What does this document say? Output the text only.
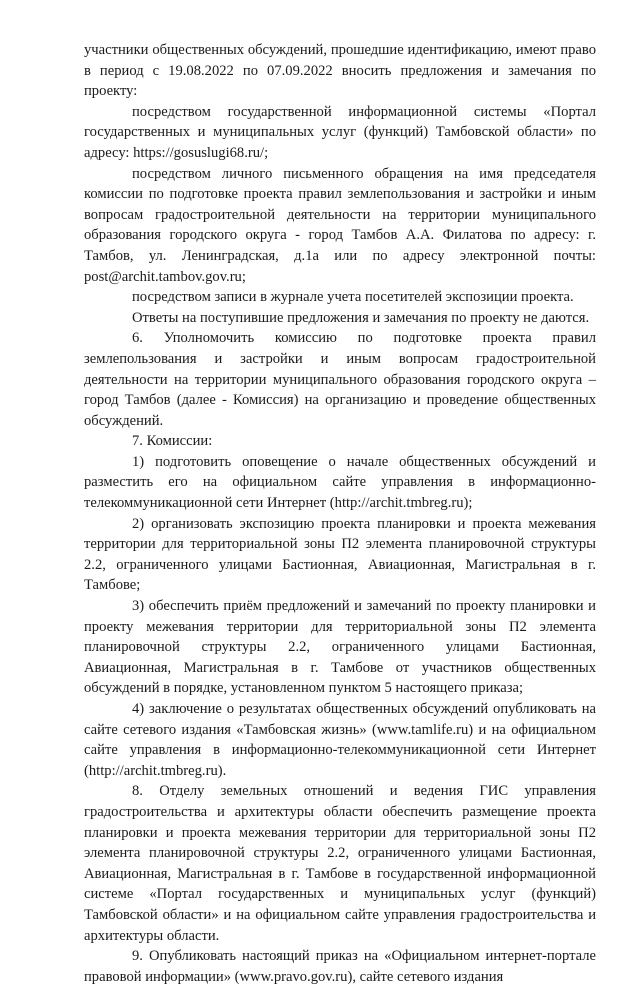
участники общественных обсуждений, прошедшие идентификацию, имеют право в период с 19.08.2022 по 07.09.2022 вносить предложения и замечания по проекту:

посредством государственной информационной системы «Портал государственных и муниципальных услуг (функций) Тамбовской области» по адресу: https://gosuslugi68.ru/;

посредством личного письменного обращения на имя председателя комиссии по подготовке проекта правил землепользования и застройки и иным вопросам градостроительной деятельности на территории муниципального образования городского округа - город Тамбов А.А. Филатова по адресу: г. Тамбов, ул. Ленинградская, д.1а или по адресу электронной почты: post@archit.tambov.gov.ru;

посредством записи в журнале учета посетителей экспозиции проекта.

Ответы на поступившие предложения и замечания по проекту не даются.

6. Уполномочить комиссию по подготовке проекта правил землепользования и застройки и иным вопросам градостроительной деятельности на территории муниципального образования городского округа – город Тамбов (далее - Комиссия) на организацию и проведение общественных обсуждений.

7. Комиссии:

1) подготовить оповещение о начале общественных обсуждений и разместить его на официальном сайте управления в информационно-телекоммуникационной сети Интернет (http://archit.tmbreg.ru);

2) организовать экспозицию проекта планировки и проекта межевания территории для территориальной зоны П2 элемента планировочной структуры 2.2, ограниченного улицами Бастионная, Авиационная, Магистральная в г. Тамбове;

3) обеспечить приём предложений и замечаний по проекту планировки и проекту межевания территории для территориальной зоны П2 элемента планировочной структуры 2.2, ограниченного улицами Бастионная, Авиационная, Магистральная в г. Тамбове от участников общественных обсуждений в порядке, установленном пунктом 5 настоящего приказа;

4) заключение о результатах общественных обсуждений опубликовать на сайте сетевого издания «Тамбовская жизнь» (www.tamlife.ru) и на официальном сайте управления в информационно-телекоммуникационной сети Интернет (http://archit.tmbreg.ru).

8. Отделу земельных отношений и ведения ГИС управления градостроительства и архитектуры области обеспечить размещение проекта планировки и проекта межевания территории для территориальной зоны П2 элемента планировочной структуры 2.2, ограниченного улицами Бастионная, Авиационная, Магистральная в г. Тамбове в государственной информационной системе «Портал государственных и муниципальных услуг (функций) Тамбовской области» и на официальном сайте управления градостроительства и архитектуры области.

9. Опубликовать настоящий приказ на «Официальном интернет-портале правовой информации» (www.pravo.gov.ru), сайте сетевого издания
